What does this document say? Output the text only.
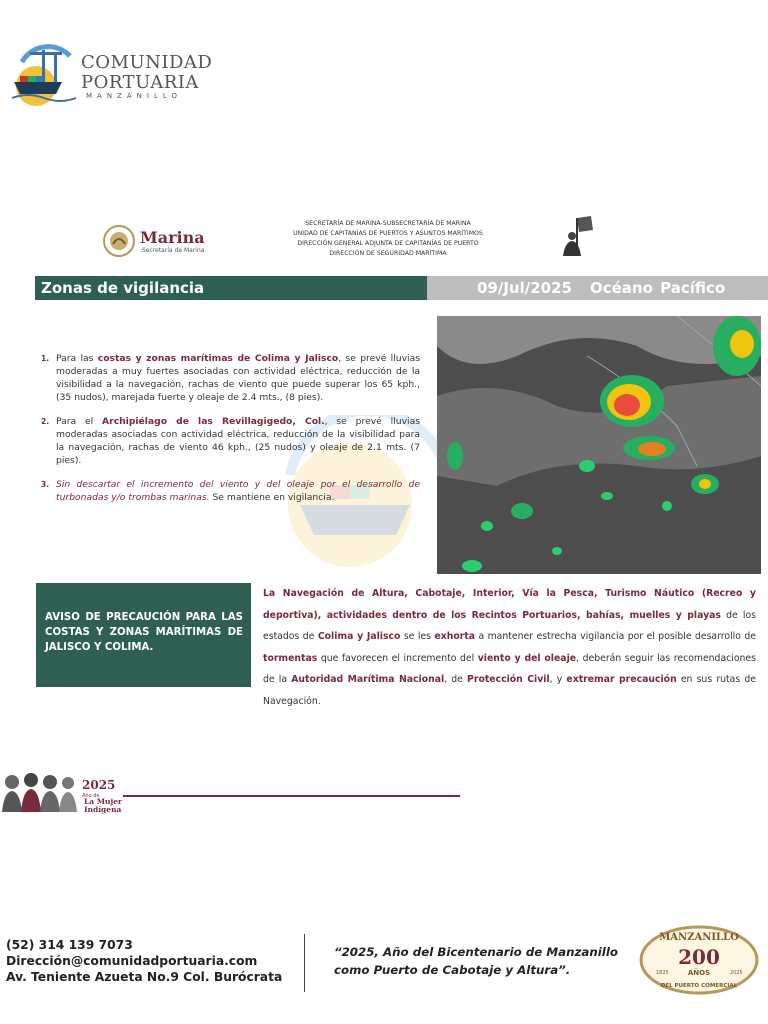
COMUNIDAD
PORTUARIA
MANZANILLO
Marina
Secretaría de Marina
SECRETARÍA DE MARINA-SUBSECRETARÍA DE MARINA
UNIDAD DE CAPITANÍAS DE PUERTOS Y ASUNTOS MARÍTIMOS
DIRECCIÓN GENERAL ADJUNTA DE CAPITANÍAS DE PUERTO
DIRECCIÓN DE SEGURIDAD MARÍTIMA
Zonas de vigilancia	09/Jul/2025 Océano Pacífico
1. Para las costas y zonas marítimas de Colima y Jalisco, se prevé lluvias moderadas a muy fuertes asociadas con actividad eléctrica, reducción de la visibilidad a la navegación, rachas de viento que puede superar los 65 kph., (35 nudos), marejada fuerte y oleaje de 2.4 mts., (8 pies).
2. Para el Archipiélago de las Revillagigedo, Col., se prevé lluvias moderadas asociadas con actividad eléctrica, reducción de la visibilidad para la navegación, rachas de viento 46 kph., (25 nudos) y oleaje de 2.1 mts. (7 pies).
3. Sin descartar el incremento del viento y del oleaje por el desarrollo de turbonadas y/o trombas marinas. Se mantiene en vigilancia.
AVISO DE PRECAUCIÓN PARA LAS COSTAS Y ZONAS MARÍTIMAS DE JALISCO Y COLIMA.
La Navegación de Altura, Cabotaje, Interior, Vía la Pesca, Turismo Náutico (Recreo y deportiva), actividades dentro de los Recintos Portuarios, bahías, muelles y playas de los estados de Colima y Jalisco se les exhorta a mantener estrecha vigilancia por el posible desarrollo de tormentas que favorecen el incremento del viento y del oleaje, deberán seguir las recomendaciones de la Autoridad Marítima Nacional, de Protección Civil, y extremar precaución en sus rutas de Navegación.
2025
Año de
La Mujer
Indígena
(52) 314 139 7073
Dirección@comunidadportuaria.com
Av. Teniente Azueta No.9 Col. Burócrata
“2025, Año del Bicentenario de Manzanillo
como Puerto de Cabotaje y Altura”.
MANZANILLO
200
AÑOS
1825	2025
DEL PUERTO COMERCIAL
